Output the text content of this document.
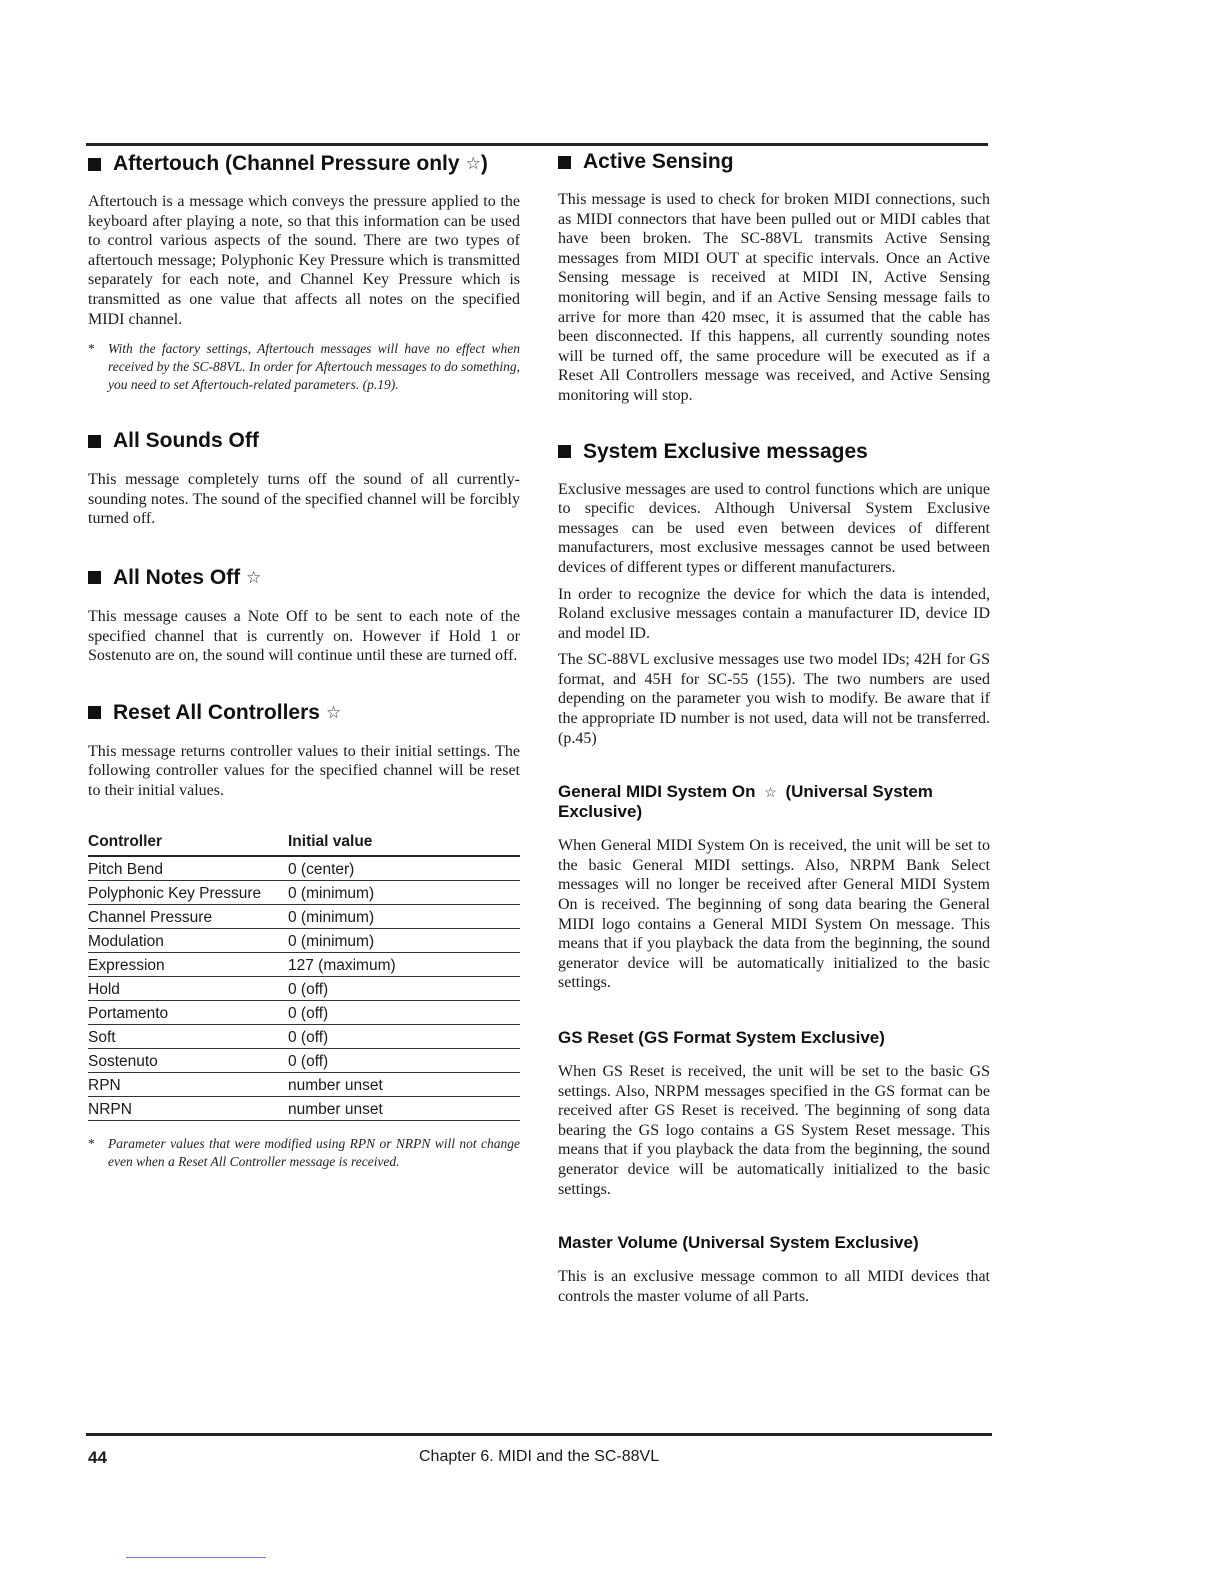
Aftertouch (Channel Pressure only ☆ )

Aftertouch is a message which conveys the pressure applied to the keyboard after playing a note, so that this information can be used to control various aspects of the sound. There are two types of aftertouch message; Polyphonic Key Pressure which is transmitted separately for each note, and Channel Key Pressure which is transmitted as one value that affects all notes on the specified MIDI channel.

* With the factory settings, Aftertouch messages will have no effect when received by the SC-88VL. In order for Aftertouch messages to do something, you need to set Aftertouch-related parameters. (p.19).

All Sounds Off

This message completely turns off the sound of all currently-sounding notes. The sound of the specified channel will be forcibly turned off.

All Notes Off ☆

This message causes a Note Off to be sent to each note of the specified channel that is currently on. However if Hold 1 or Sostenuto are on, the sound will continue until these are turned off.

Reset All Controllers ☆

This message returns controller values to their initial settings. The following controller values for the specified channel will be reset to their initial values.

Controller	Initial value
Pitch Bend	0 (center)
Polyphonic Key Pressure	0 (minimum)
Channel Pressure	0 (minimum)
Modulation	0 (minimum)
Expression	127 (maximum)
Hold	0 (off)
Portamento	0 (off)
Soft	0 (off)
Sostenuto	0 (off)
RPN	number unset
NRPN	number unset

* Parameter values that were modified using RPN or NRPN will not change even when a Reset All Controller message is received.

Active Sensing

This message is used to check for broken MIDI connections, such as MIDI connectors that have been pulled out or MIDI cables that have been broken. The SC-88VL transmits Active Sensing messages from MIDI OUT at specific intervals. Once an Active Sensing message is received at MIDI IN, Active Sensing monitoring will begin, and if an Active Sensing message fails to arrive for more than 420 msec, it is assumed that the cable has been disconnected. If this happens, all currently sounding notes will be turned off, the same procedure will be executed as if a Reset All Controllers message was received, and Active Sensing monitoring will stop.

System Exclusive messages

Exclusive messages are used to control functions which are unique to specific devices. Although Universal System Exclusive messages can be used even between devices of different manufacturers, most exclusive messages cannot be used between devices of different types or different manufacturers.

In order to recognize the device for which the data is intended, Roland exclusive messages contain a manufacturer ID, device ID and model ID.

The SC-88VL exclusive messages use two model IDs; 42H for GS format, and 45H for SC-55 (155). The two numbers are used depending on the parameter you wish to modify. Be aware that if the appropriate ID number is not used, data will not be transferred. (p.45)

General MIDI System On ☆ (Universal System Exclusive)

When General MIDI System On is received, the unit will be set to the basic General MIDI settings. Also, NRPM Bank Select messages will no longer be received after General MIDI System On is received. The beginning of song data bearing the General MIDI logo contains a General MIDI System On message. This means that if you playback the data from the beginning, the sound generator device will be automatically initialized to the basic settings.

GS Reset (GS Format System Exclusive)

When GS Reset is received, the unit will be set to the basic GS settings. Also, NRPM messages specified in the GS format can be received after GS Reset is received. The beginning of song data bearing the GS logo contains a GS System Reset message. This means that if you playback the data from the beginning, the sound generator device will be automatically initialized to the basic settings.

Master Volume (Universal System Exclusive)

This is an exclusive message common to all MIDI devices that controls the master volume of all Parts.

44	Chapter 6. MIDI and the SC-88VL
